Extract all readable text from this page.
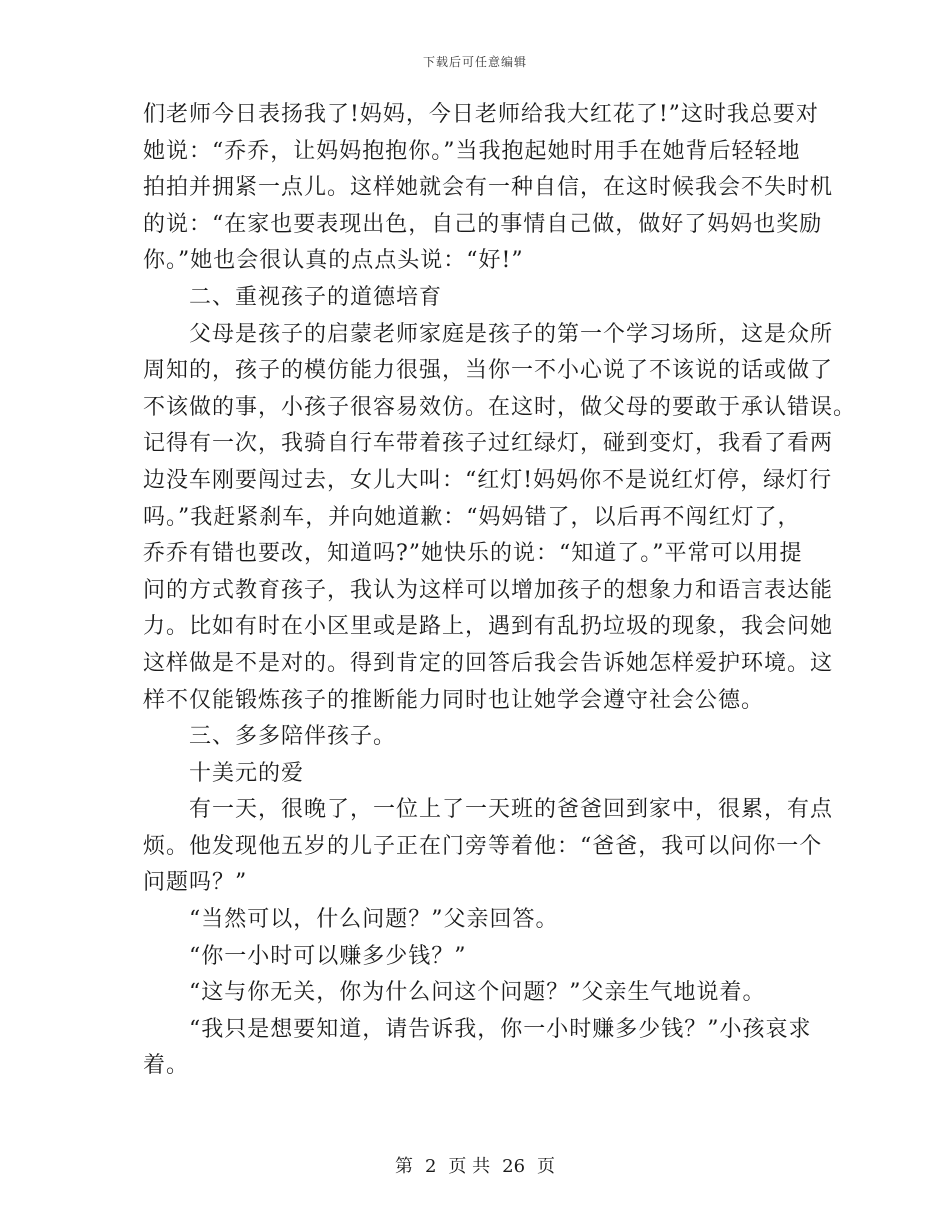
下载后可任意编辑
们老师今日表扬我了!妈妈，今日老师给我大红花了!”这时我总要对
她说：“乔乔，让妈妈抱抱你。”当我抱起她时用手在她背后轻轻地
拍拍并拥紧一点儿。这样她就会有一种自信，在这时候我会不失时机
的说：“在家也要表现出色，自己的事情自己做，做好了妈妈也奖励
你。”她也会很认真的点点头说：“好!”
二、重视孩子的道德培育
父母是孩子的启蒙老师家庭是孩子的第一个学习场所，这是众所
周知的，孩子的模仿能力很强，当你一不小心说了不该说的话或做了
不该做的事，小孩子很容易效仿。在这时，做父母的要敢于承认错误。
记得有一次，我骑自行车带着孩子过红绿灯，碰到变灯，我看了看两
边没车刚要闯过去，女儿大叫：“红灯!妈妈你不是说红灯停，绿灯行
吗。”我赶紧刹车，并向她道歉：“妈妈错了，以后再不闯红灯了，
乔乔有错也要改，知道吗?”她快乐的说：“知道了。”平常可以用提
问的方式教育孩子，我认为这样可以增加孩子的想象力和语言表达能
力。比如有时在小区里或是路上，遇到有乱扔垃圾的现象，我会问她
这样做是不是对的。得到肯定的回答后我会告诉她怎样爱护环境。这
样不仅能锻炼孩子的推断能力同时也让她学会遵守社会公德。
三、多多陪伴孩子。
十美元的爱
有一天，很晚了，一位上了一天班的爸爸回到家中，很累，有点
烦。他发现他五岁的儿子正在门旁等着他：“爸爸，我可以问你一个
问题吗？”
“当然可以，什么问题？”父亲回答。
“你一小时可以赚多少钱？”
“这与你无关，你为什么问这个问题？”父亲生气地说着。
“我只是想要知道，请告诉我，你一小时赚多少钱？”小孩哀求
着。
第 2 页 共 26 页
